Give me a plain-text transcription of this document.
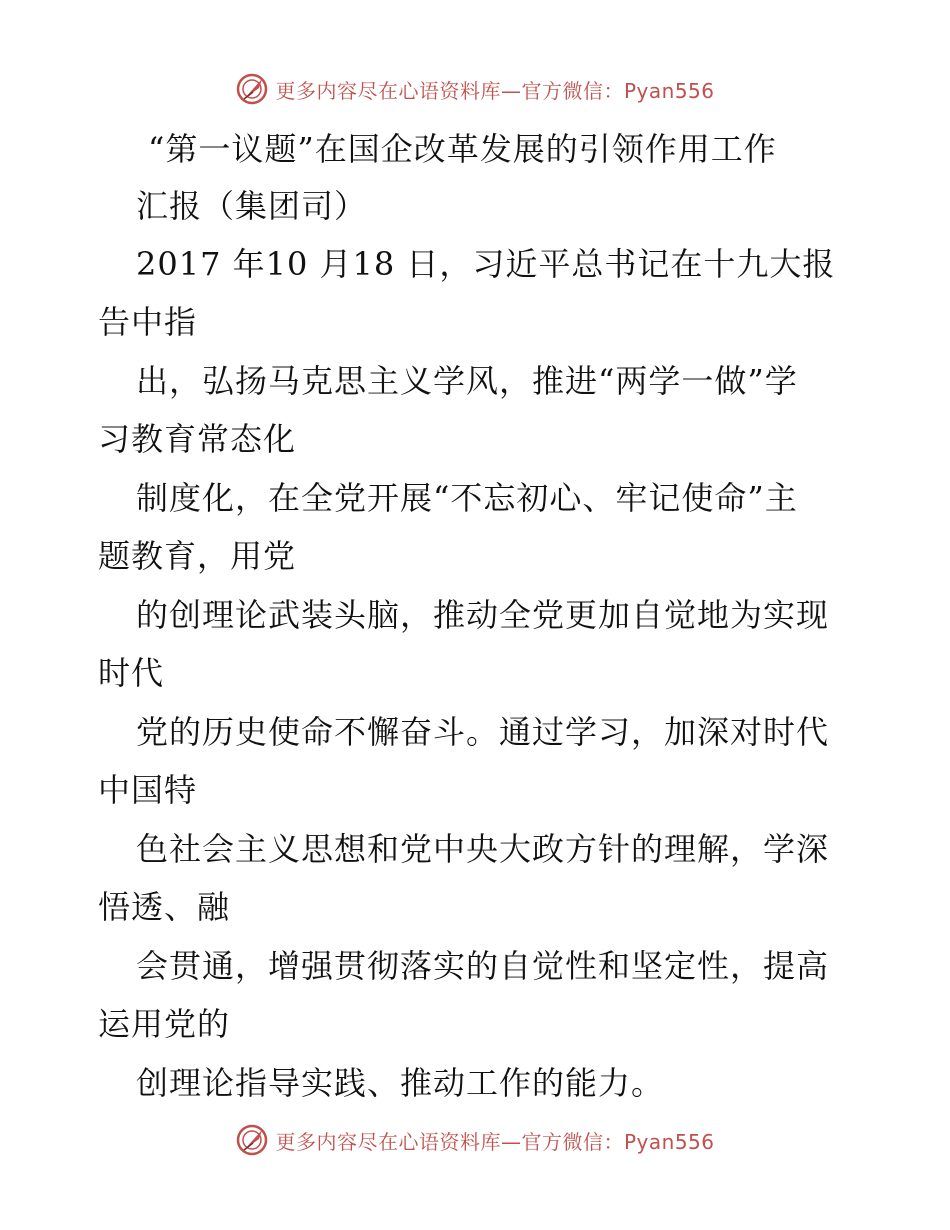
更多内容尽在心语资料库—官方微信：Pyan556
“第一议题”在国企改革发展的引领作用工作
汇报（集团司）
2017 年10 月18 日，习近平总书记在十九大报
告中指
出，弘扬马克思主义学风，推进“两学一做”学
习教育常态化
制度化，在全党开展“不忘初心、牢记使命”主
题教育，用党
的创理论武装头脑，推动全党更加自觉地为实现
时代
党的历史使命不懈奋斗。通过学习，加深对时代
中国特
色社会主义思想和党中央大政方针的理解，学深
悟透、融
会贯通，增强贯彻落实的自觉性和坚定性，提高
运用党的
创理论指导实践、推动工作的能力。
更多内容尽在心语资料库—官方微信：Pyan556
